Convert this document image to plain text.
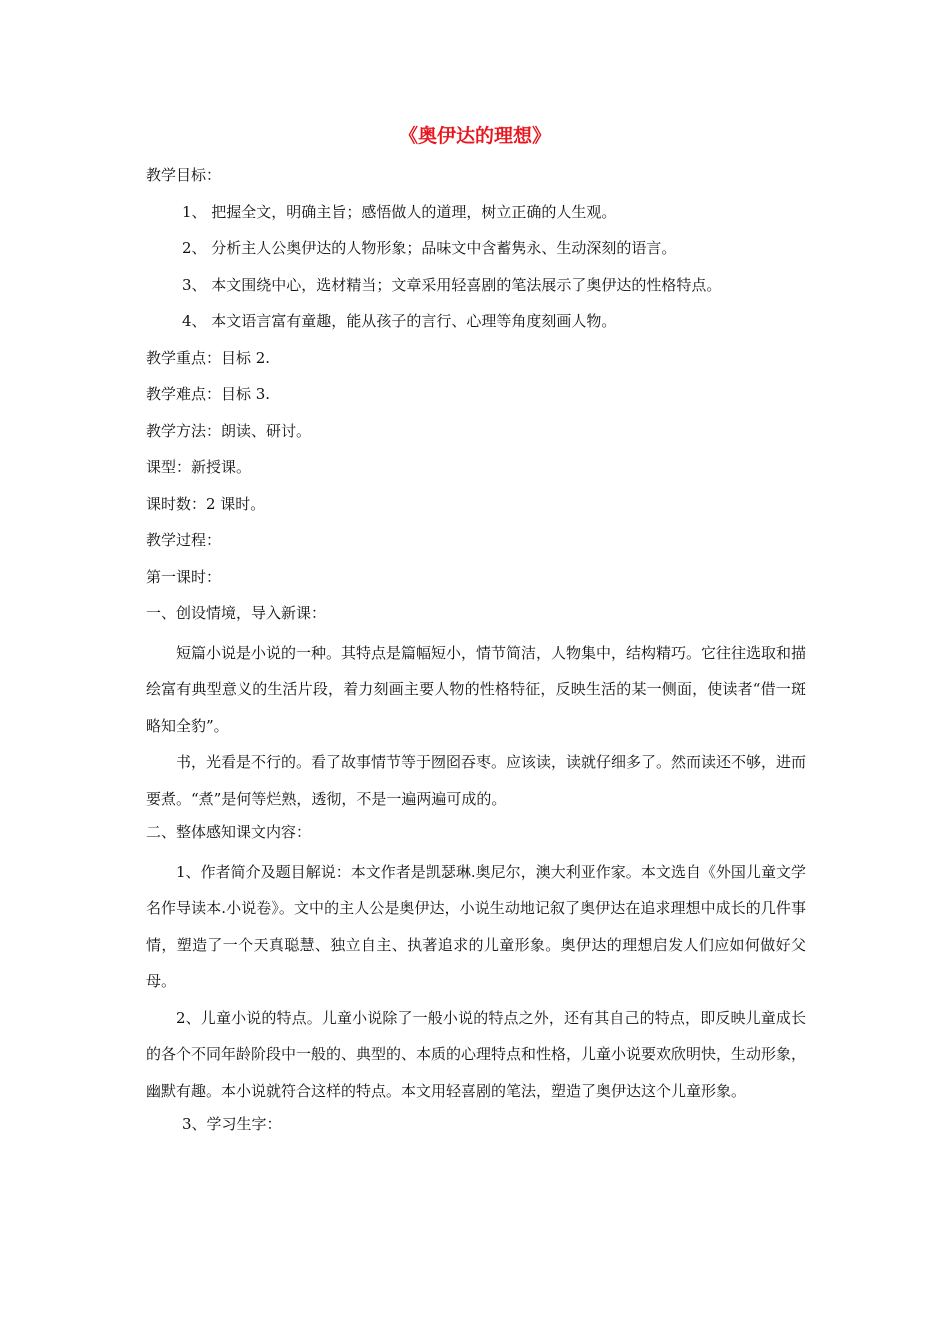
《奥伊达的理想》
教学目标：
1、 把握全文，明确主旨；感悟做人的道理，树立正确的人生观。
2、 分析主人公奥伊达的人物形象；品味文中含蓄隽永、生动深刻的语言。
3、 本文围绕中心，选材精当；文章采用轻喜剧的笔法展示了奥伊达的性格特点。
4、 本文语言富有童趣，能从孩子的言行、心理等角度刻画人物。
教学重点：目标 2.
教学难点：目标 3.
教学方法：朗读、研讨。
课型：新授课。
课时数：2 课时。
教学过程：
第一课时：
一、创设情境，导入新课：
短篇小说是小说的一种。其特点是篇幅短小，情节简洁，人物集中，结构精巧。它往往选取和描绘富有典型意义的生活片段，着力刻画主要人物的性格特征，反映生活的某一侧面，使读者“借一斑略知全豹”。
书，光看是不行的。看了故事情节等于囫囵吞枣。应该读，读就仔细多了。然而读还不够，进而要煮。“煮”是何等烂熟，透彻，不是一遍两遍可成的。
二、整体感知课文内容：
1、作者简介及题目解说：本文作者是凯瑟琳.奥尼尔，澳大利亚作家。本文选自《外国儿童文学名作导读本.小说卷》。文中的主人公是奥伊达，小说生动地记叙了奥伊达在追求理想中成长的几件事情，塑造了一个天真聪慧、独立自主、执著追求的儿童形象。奥伊达的理想启发人们应如何做好父母。
2、儿童小说的特点。儿童小说除了一般小说的特点之外，还有其自己的特点，即反映儿童成长的各个不同年龄阶段中一般的、典型的、本质的心理特点和性格，儿童小说要欢欣明快，生动形象，幽默有趣。本小说就符合这样的特点。本文用轻喜剧的笔法，塑造了奥伊达这个儿童形象。
3、学习生字：
